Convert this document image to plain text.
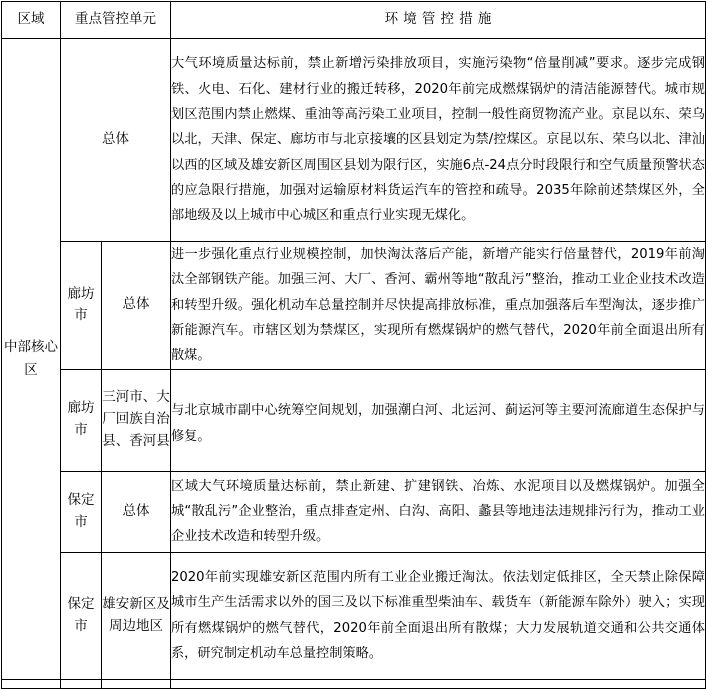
区域	重点管控单元		环境管控措施
中部核心区	总体		大气环境质量达标前，禁止新增污染排放项目，实施污染物“倍量削减”要求。逐步完成钢铁、火电、石化、建材行业的搬迁转移，2020年前完成燃煤锅炉的清洁能源替代。城市规划区范围内禁止燃煤、重油等高污染工业项目，控制一般性商贸物流产业。京昆以东、荣乌以北，天津、保定、廊坊市与北京接壤的区县划定为禁/控煤区。京昆以东、荣乌以北、津汕以西的区域及雄安新区周围区县划为限行区，实施6点-24点分时段限行和空气质量预警状态的应急限行措施，加强对运输原材料货运汽车的管控和疏导。2035年除前述禁煤区外，全部地级及以上城市中心城区和重点行业实现无煤化。
	廊坊市	总体	进一步强化重点行业规模控制，加快淘汰落后产能，新增产能实行倍量替代，2019年前淘汰全部钢铁产能。加强三河、大厂、香河、霸州等地“散乱污”整治，推动工业企业技术改造和转型升级。强化机动车总量控制并尽快提高排放标准，重点加强落后车型淘汰，逐步推广新能源汽车。市辖区划为禁煤区，实现所有燃煤锅炉的燃气替代，2020年前全面退出所有散煤。
	廊坊市	三河市、大厂回族自治县、香河县	与北京城市副中心统筹空间规划，加强潮白河、北运河、蓟运河等主要河流廊道生态保护与修复。
	保定市	总体	区域大气环境质量达标前，禁止新建、扩建钢铁、冶炼、水泥项目以及燃煤锅炉。加强全城“散乱污”企业整治，重点排查定州、白沟、高阳、蠡县等地违法违规排污行为，推动工业企业技术改造和转型升级。
	保定市	雄安新区及周边地区	2020年前实现雄安新区范围内所有工业企业搬迁淘汰。依法划定低排区，全天禁止除保障城市生产生活需求以外的国三及以下标准重型柴油车、载货车（新能源车除外）驶入；实现所有燃煤锅炉的燃气替代，2020年前全面退出所有散煤；大力发展轨道交通和公共交通体系，研究制定机动车总量控制策略。
